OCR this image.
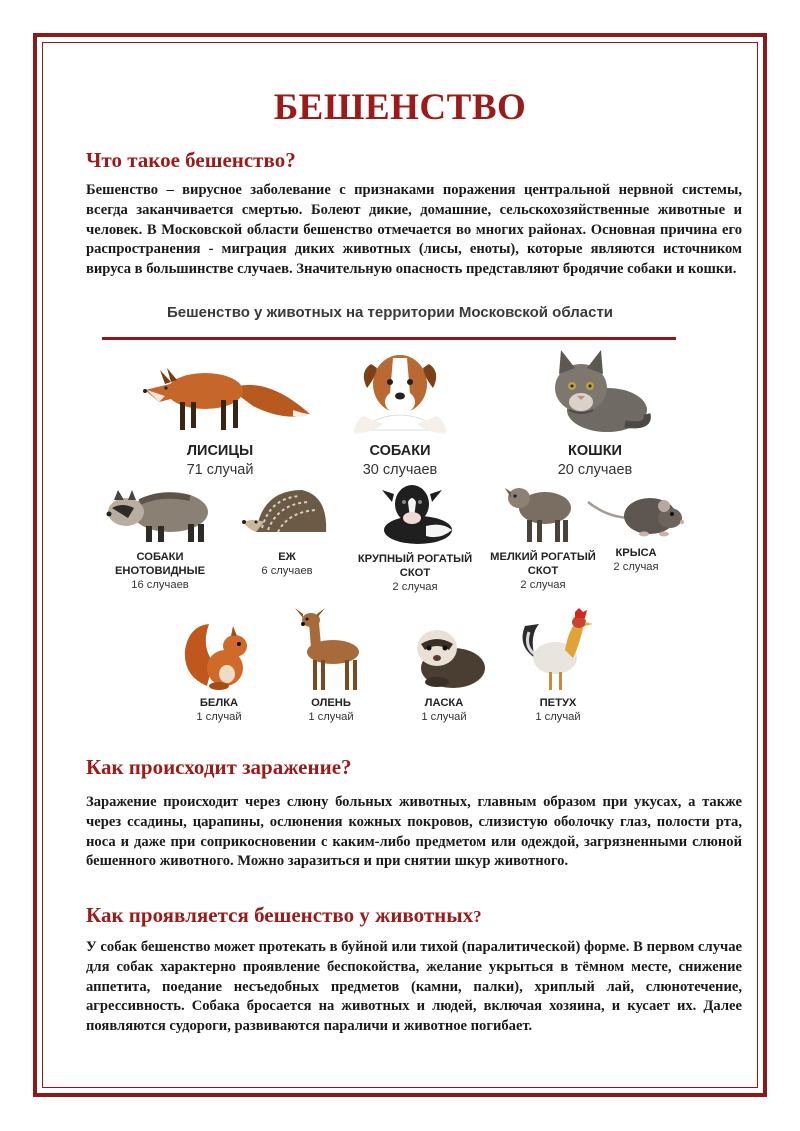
БЕШЕНСТВО
Что такое бешенство?

Бешенство – вирусное заболевание с признаками поражения центральной нервной системы, всегда заканчивается смертью. Болеют дикие, домашние, сельскохозяйственные животные и человек. В Московской области бешенство отмечается во многих районах. Основная причина его распространения - миграция диких животных (лисы, еноты), которые являются источником вируса в большинстве случаев. Значительную опасность представляют бродячие собаки и кошки.

Бешенство у животных на территории Московской области
ЛИСИЦЫ
71 случай
СОБАКИ
30 случаев
КОШКИ
20 случаев
СОБАКИ ЕНОТОВИДНЫЕ
16 случаев
ЕЖ
6 случаев
КРУПНЫЙ РОГАТЫЙ СКОТ
2 случая
МЕЛКИЙ РОГАТЫЙ СКОТ
2 случая
КРЫСА
2 случая
БЕЛКА
1 случай
ОЛЕНЬ
1 случай
ЛАСКА
1 случай
ПЕТУХ
1 случай
Как происходит заражение?

Заражение происходит через слюну больных животных, главным образом при укусах, а также через ссадины, царапины, ослюнения кожных покровов, слизистую оболочку глаз, полости рта, носа и даже при соприкосновении с каким-либо предметом или одеждой, загрязненными слюной бешенного животного. Можно заразиться и при снятии шкур животного.

Как проявляется бешенство у животных?

У собак бешенство может протекать в буйной или тихой (паралитической) форме. В первом случае для собак характерно проявление беспокойства, желание укрыться в тёмном месте, снижение аппетита, поедание несъедобных предметов (камни, палки), хриплый лай, слюнотечение, агрессивность. Собака бросается на животных и людей, включая хозяина, и кусает их. Далее появляются судороги, развиваются параличи и животное погибает.
